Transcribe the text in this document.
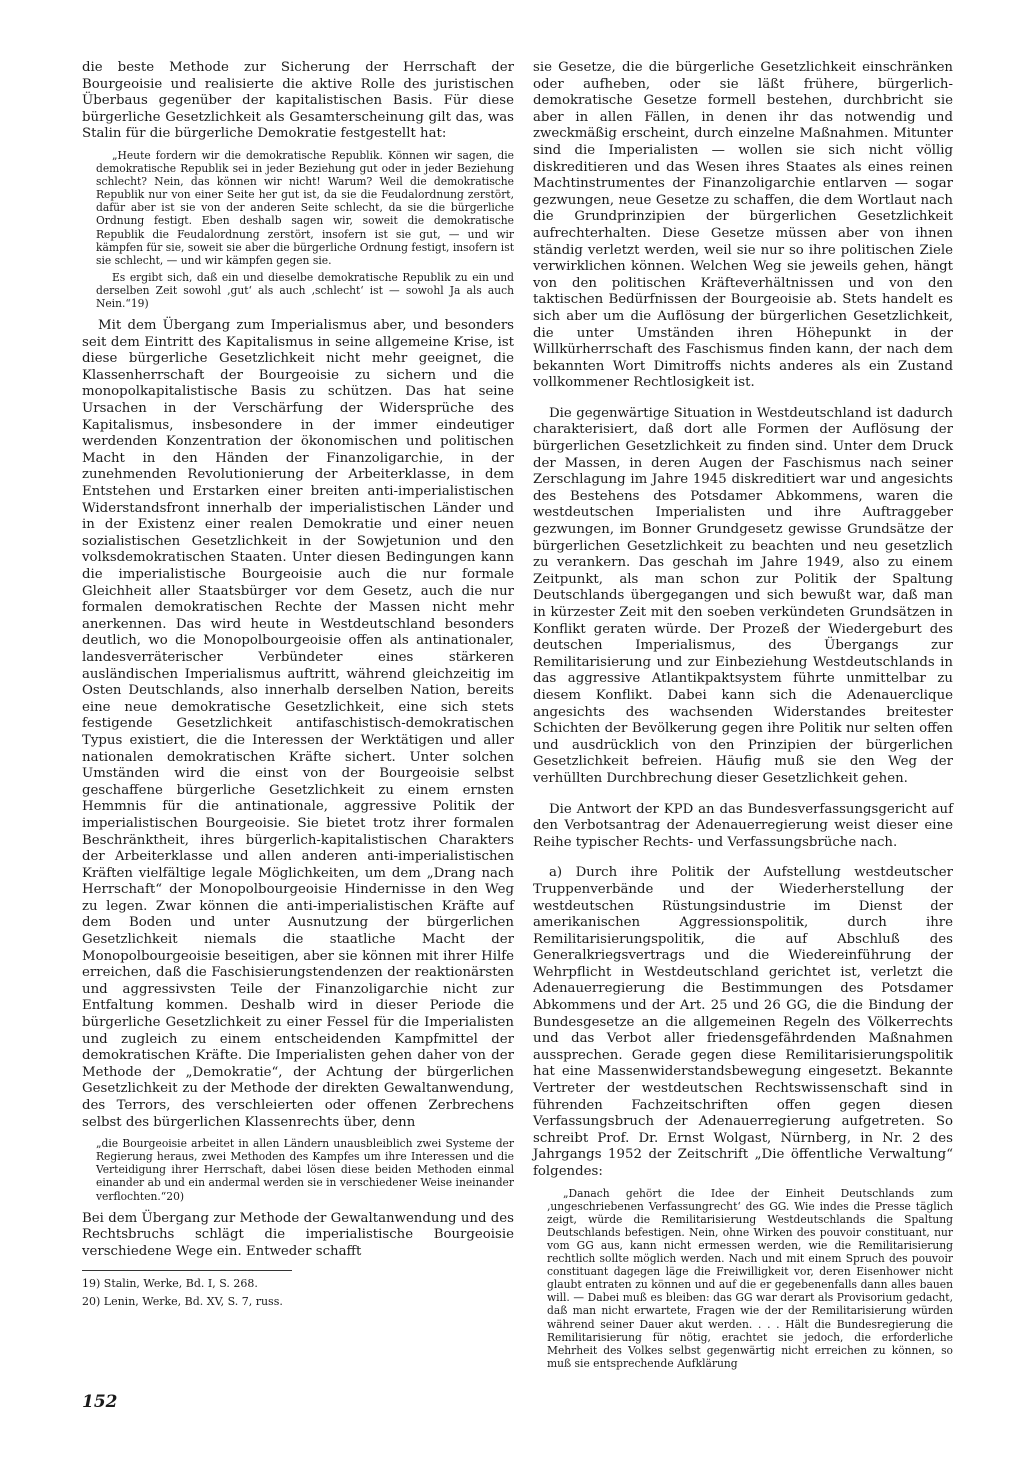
die beste Methode zur Sicherung der Herrschaft der Bourgeoisie und realisierte die aktive Rolle des juristischen Überbaus gegenüber der kapitalistischen Basis. Für diese bürgerliche Gesetzlichkeit als Gesamterscheinung gilt das, was Stalin für die bürgerliche Demokratie festgestellt hat:

„Heute fordern wir die demokratische Republik. Können wir sagen, die demokratische Republik sei in jeder Beziehung gut oder in jeder Beziehung schlecht? Nein, das können wir nicht! Warum? Weil die demokratische Republik nur von einer Seite her gut ist, da sie die Feudalordnung zerstört, dafür aber ist sie von der anderen Seite schlecht, da sie die bürgerliche Ordnung festigt. Eben deshalb sagen wir, soweit die demokratische Republik die Feudalordnung zerstört, insofern ist sie gut, — und wir kämpfen für sie, soweit sie aber die bürgerliche Ordnung festigt, insofern ist sie schlecht, — und wir kämpfen gegen sie.

Es ergibt sich, daß ein und dieselbe demokratische Republik zu ein und derselben Zeit sowohl ‚gut‘ als auch ‚schlecht‘ ist — sowohl Ja als auch Nein.“19)

Mit dem Übergang zum Imperialismus aber, und besonders seit dem Eintritt des Kapitalismus in seine allgemeine Krise, ist diese bürgerliche Gesetzlichkeit nicht mehr geeignet, die Klassenherrschaft der Bourgeoisie zu sichern und die monopolkapitalistische Basis zu schützen. Das hat seine Ursachen in der Verschärfung der Widersprüche des Kapitalismus, insbesondere in der immer eindeutiger werdenden Konzentration der ökonomischen und politischen Macht in den Händen der Finanzoligarchie, in der zunehmenden Revolutionierung der Arbeiterklasse, in dem Entstehen und Erstarken einer breiten anti-imperialistischen Widerstandsfront innerhalb der imperialistischen Länder und in der Existenz einer realen Demokratie und einer neuen sozialistischen Gesetzlichkeit in der Sowjetunion und den volksdemokratischen Staaten. Unter diesen Bedingungen kann die imperialistische Bourgeoisie auch die nur formale Gleichheit aller Staatsbürger vor dem Gesetz, auch die nur formalen demokratischen Rechte der Massen nicht mehr anerkennen. Das wird heute in Westdeutschland besonders deutlich, wo die Monopolbourgeoisie offen als antinationaler, landesverräterischer Verbündeter eines stärkeren ausländischen Imperialismus auftritt, während gleichzeitig im Osten Deutschlands, also innerhalb derselben Nation, bereits eine neue demokratische Gesetzlichkeit, eine sich stets festigende Gesetzlichkeit antifaschistisch-demokratischen Typus existiert, die die Interessen der Werktätigen und aller nationalen demokratischen Kräfte sichert. Unter solchen Umständen wird die einst von der Bourgeoisie selbst geschaffene bürgerliche Gesetzlichkeit zu einem ernsten Hemmnis für die antinationale, aggressive Politik der imperialistischen Bourgeoisie. Sie bietet trotz ihrer formalen Beschränktheit, ihres bürgerlich-kapitalistischen Charakters der Arbeiterklasse und allen anderen anti-imperialistischen Kräften vielfältige legale Möglichkeiten, um dem „Drang nach Herrschaft“ der Monopolbourgeoisie Hindernisse in den Weg zu legen. Zwar können die anti-imperialistischen Kräfte auf dem Boden und unter Ausnutzung der bürgerlichen Gesetzlichkeit niemals die staatliche Macht der Monopolbourgeoisie beseitigen, aber sie können mit ihrer Hilfe erreichen, daß die Faschisierungstendenzen der reaktionärsten und aggressivsten Teile der Finanzoligarchie nicht zur Entfaltung kommen. Deshalb wird in dieser Periode die bürgerliche Gesetzlichkeit zu einer Fessel für die Imperialisten und zugleich zu einem entscheidenden Kampfmittel der demokratischen Kräfte. Die Imperialisten gehen daher von der Methode der „Demokratie“, der Achtung der bürgerlichen Gesetzlichkeit zu der Methode der direkten Gewaltanwendung, des Terrors, des verschleierten oder offenen Zerbrechens selbst des bürgerlichen Klassenrechts über, denn

„die Bourgeoisie arbeitet in allen Ländern unausbleiblich zwei Systeme der Regierung heraus, zwei Methoden des Kampfes um ihre Interessen und die Verteidigung ihrer Herrschaft, dabei lösen diese beiden Methoden einmal einander ab und ein andermal werden sie in verschiedener Weise ineinander verflochten.“20)

Bei dem Übergang zur Methode der Gewaltanwendung und des Rechtsbruchs schlägt die imperialistische Bourgeoisie verschiedene Wege ein. Entweder schafft

19) Stalin, Werke, Bd. I, S. 268.

20) Lenin, Werke, Bd. XV, S. 7, russ.

sie Gesetze, die die bürgerliche Gesetzlichkeit einschränken oder aufheben, oder sie läßt frühere, bürgerlich-demokratische Gesetze formell bestehen, durchbricht sie aber in allen Fällen, in denen ihr das notwendig und zweckmäßig erscheint, durch einzelne Maßnahmen. Mitunter sind die Imperialisten — wollen sie sich nicht völlig diskreditieren und das Wesen ihres Staates als eines reinen Machtinstrumentes der Finanzoligarchie entlarven — sogar gezwungen, neue Gesetze zu schaffen, die dem Wortlaut nach die Grundprinzipien der bürgerlichen Gesetzlichkeit aufrechterhalten. Diese Gesetze müssen aber von ihnen ständig verletzt werden, weil sie nur so ihre politischen Ziele verwirklichen können. Welchen Weg sie jeweils gehen, hängt von den politischen Kräfteverhältnissen und von den taktischen Bedürfnissen der Bourgeoisie ab. Stets handelt es sich aber um die Auflösung der bürgerlichen Gesetzlichkeit, die unter Umständen ihren Höhepunkt in der Willkürherrschaft des Faschismus finden kann, der nach dem bekannten Wort Dimitroffs nichts anderes als ein Zustand vollkommener Rechtlosigkeit ist.

Die gegenwärtige Situation in Westdeutschland ist dadurch charakterisiert, daß dort alle Formen der Auflösung der bürgerlichen Gesetzlichkeit zu finden sind. Unter dem Druck der Massen, in deren Augen der Faschismus nach seiner Zerschlagung im Jahre 1945 diskreditiert war und angesichts des Bestehens des Potsdamer Abkommens, waren die westdeutschen Imperialisten und ihre Auftraggeber gezwungen, im Bonner Grundgesetz gewisse Grundsätze der bürgerlichen Gesetzlichkeit zu beachten und neu gesetzlich zu verankern. Das geschah im Jahre 1949, also zu einem Zeitpunkt, als man schon zur Politik der Spaltung Deutschlands übergegangen und sich bewußt war, daß man in kürzester Zeit mit den soeben verkündeten Grundsätzen in Konflikt geraten würde. Der Prozeß der Wiedergeburt des deutschen Imperialismus, des Übergangs zur Remilitarisierung und zur Einbeziehung Westdeutschlands in das aggressive Atlantikpaktsystem führte unmittelbar zu diesem Konflikt. Dabei kann sich die Adenauerclique angesichts des wachsenden Widerstandes breitester Schichten der Bevölkerung gegen ihre Politik nur selten offen und ausdrücklich von den Prinzipien der bürgerlichen Gesetzlichkeit befreien. Häufig muß sie den Weg der verhüllten Durchbrechung dieser Gesetzlichkeit gehen.

Die Antwort der KPD an das Bundesverfassungsgericht auf den Verbotsantrag der Adenauerregierung weist dieser eine Reihe typischer Rechts- und Verfassungsbrüche nach.

a) Durch ihre Politik der Aufstellung westdeutscher Truppenverbände und der Wiederherstellung der westdeutschen Rüstungsindustrie im Dienst der amerikanischen Aggressionspolitik, durch ihre Remilitarisierungspolitik, die auf Abschluß des Generalkriegsvertrags und die Wiedereinführung der Wehrpflicht in Westdeutschland gerichtet ist, verletzt die Adenauerregierung die Bestimmungen des Potsdamer Abkommens und der Art. 25 und 26 GG, die die Bindung der Bundesgesetze an die allgemeinen Regeln des Völkerrechts und das Verbot aller friedensgefährdenden Maßnahmen aussprechen. Gerade gegen diese Remilitarisierungspolitik hat eine Massenwiderstandsbewegung eingesetzt. Bekannte Vertreter der westdeutschen Rechtswissenschaft sind in führenden Fachzeitschriften offen gegen diesen Verfassungsbruch der Adenauerregierung aufgetreten. So schreibt Prof. Dr. Ernst Wolgast, Nürnberg, in Nr. 2 des Jahrgangs 1952 der Zeitschrift „Die öffentliche Verwaltung“ folgendes:

„Danach gehört die Idee der Einheit Deutschlands zum ‚ungeschriebenen Verfassungrecht‘ des GG. Wie indes die Presse täglich zeigt, würde die Remilitarisierung Westdeutschlands die Spaltung Deutschlands befestigen. Nein, ohne Wirken des pouvoir constituant, nur vom GG aus, kann nicht ermessen werden, wie die Remilitarisierung rechtlich sollte möglich werden. Nach und mit einem Spruch des pouvoir constituant dagegen läge die Freiwilligkeit vor, deren Eisenhower nicht glaubt entraten zu können und auf die er gegebenenfalls dann alles bauen will. — Dabei muß es bleiben: das GG war derart als Provisorium gedacht, daß man nicht erwartete, Fragen wie der der Remilitarisierung würden während seiner Dauer akut werden. . . . Hält die Bundesregierung die Remilitarisierung für nötig, erachtet sie jedoch, die erforderliche Mehrheit des Volkes selbst gegenwärtig nicht erreichen zu können, so muß sie entsprechende Aufklärung

152
